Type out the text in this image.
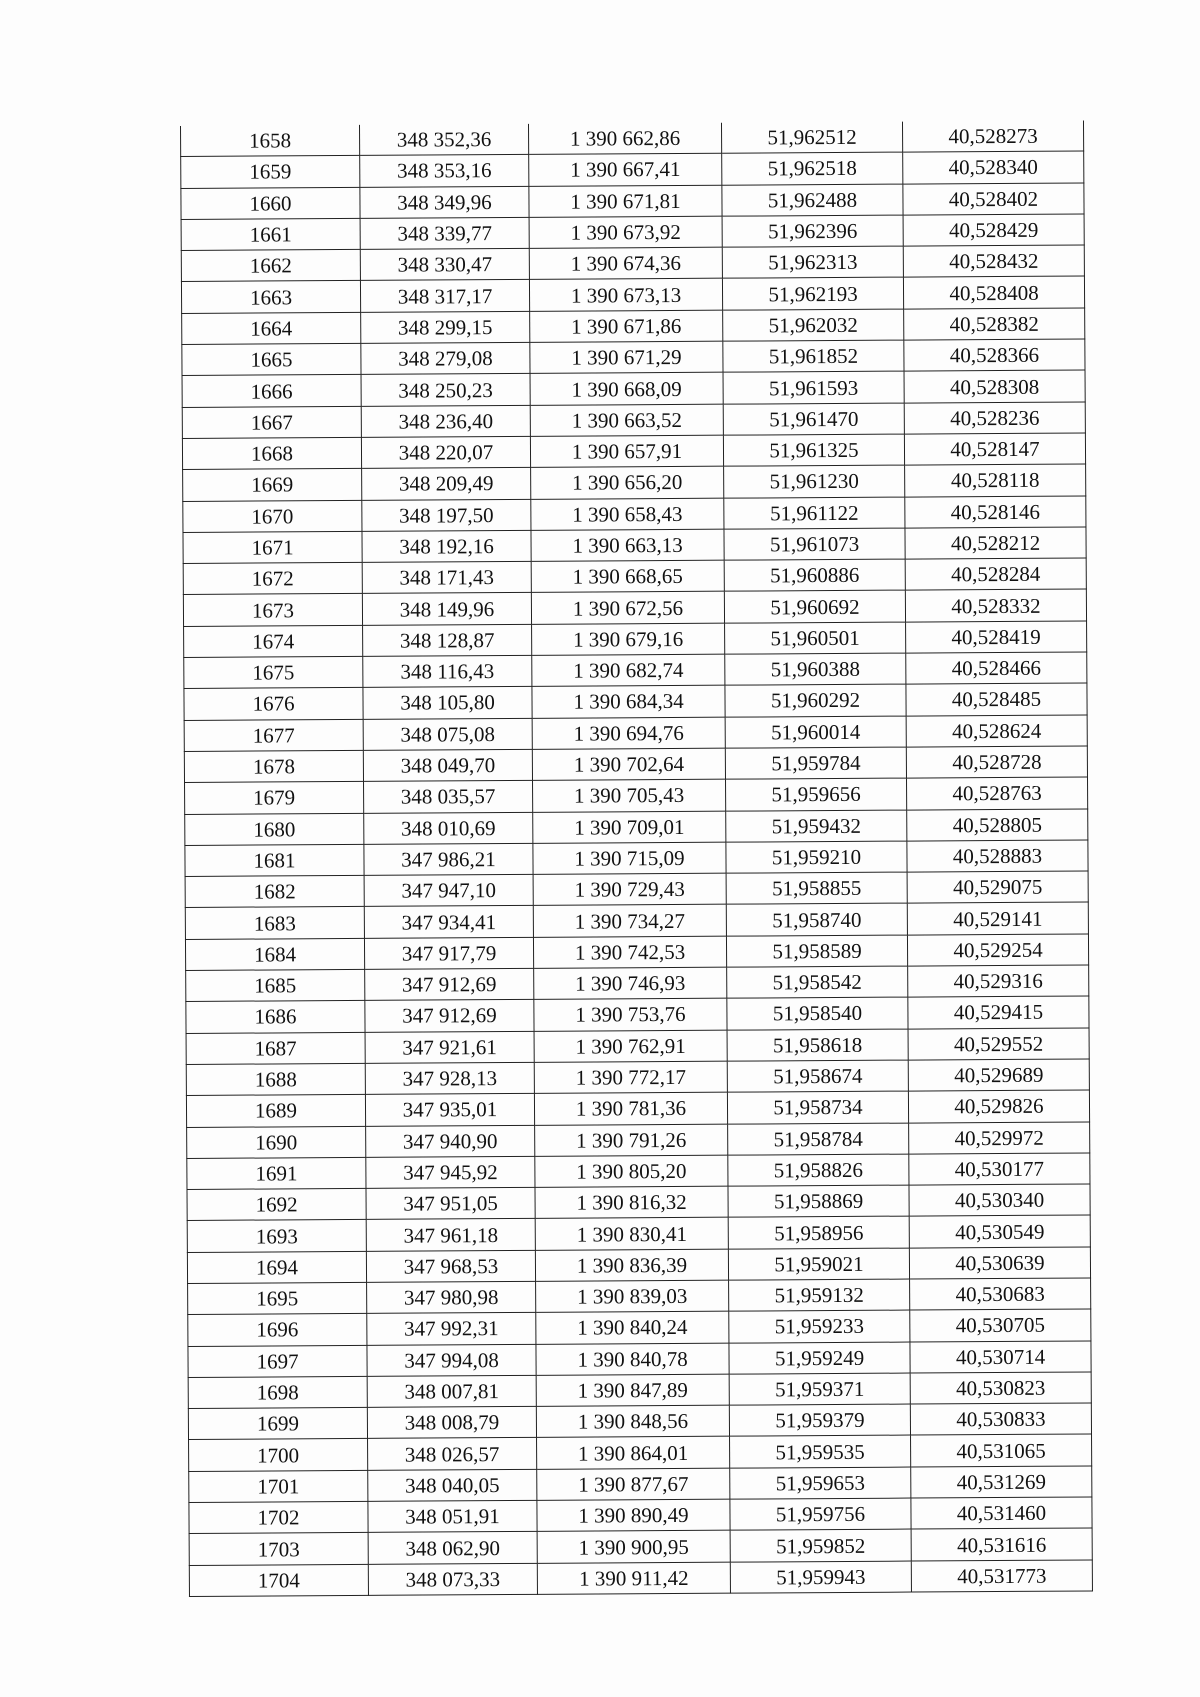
1658	348 352,36	1 390 662,86	51,962512	40,528273
1659	348 353,16	1 390 667,41	51,962518	40,528340
1660	348 349,96	1 390 671,81	51,962488	40,528402
1661	348 339,77	1 390 673,92	51,962396	40,528429
1662	348 330,47	1 390 674,36	51,962313	40,528432
1663	348 317,17	1 390 673,13	51,962193	40,528408
1664	348 299,15	1 390 671,86	51,962032	40,528382
1665	348 279,08	1 390 671,29	51,961852	40,528366
1666	348 250,23	1 390 668,09	51,961593	40,528308
1667	348 236,40	1 390 663,52	51,961470	40,528236
1668	348 220,07	1 390 657,91	51,961325	40,528147
1669	348 209,49	1 390 656,20	51,961230	40,528118
1670	348 197,50	1 390 658,43	51,961122	40,528146
1671	348 192,16	1 390 663,13	51,961073	40,528212
1672	348 171,43	1 390 668,65	51,960886	40,528284
1673	348 149,96	1 390 672,56	51,960692	40,528332
1674	348 128,87	1 390 679,16	51,960501	40,528419
1675	348 116,43	1 390 682,74	51,960388	40,528466
1676	348 105,80	1 390 684,34	51,960292	40,528485
1677	348 075,08	1 390 694,76	51,960014	40,528624
1678	348 049,70	1 390 702,64	51,959784	40,528728
1679	348 035,57	1 390 705,43	51,959656	40,528763
1680	348 010,69	1 390 709,01	51,959432	40,528805
1681	347 986,21	1 390 715,09	51,959210	40,528883
1682	347 947,10	1 390 729,43	51,958855	40,529075
1683	347 934,41	1 390 734,27	51,958740	40,529141
1684	347 917,79	1 390 742,53	51,958589	40,529254
1685	347 912,69	1 390 746,93	51,958542	40,529316
1686	347 912,69	1 390 753,76	51,958540	40,529415
1687	347 921,61	1 390 762,91	51,958618	40,529552
1688	347 928,13	1 390 772,17	51,958674	40,529689
1689	347 935,01	1 390 781,36	51,958734	40,529826
1690	347 940,90	1 390 791,26	51,958784	40,529972
1691	347 945,92	1 390 805,20	51,958826	40,530177
1692	347 951,05	1 390 816,32	51,958869	40,530340
1693	347 961,18	1 390 830,41	51,958956	40,530549
1694	347 968,53	1 390 836,39	51,959021	40,530639
1695	347 980,98	1 390 839,03	51,959132	40,530683
1696	347 992,31	1 390 840,24	51,959233	40,530705
1697	347 994,08	1 390 840,78	51,959249	40,530714
1698	348 007,81	1 390 847,89	51,959371	40,530823
1699	348 008,79	1 390 848,56	51,959379	40,530833
1700	348 026,57	1 390 864,01	51,959535	40,531065
1701	348 040,05	1 390 877,67	51,959653	40,531269
1702	348 051,91	1 390 890,49	51,959756	40,531460
1703	348 062,90	1 390 900,95	51,959852	40,531616
1704	348 073,33	1 390 911,42	51,959943	40,531773
